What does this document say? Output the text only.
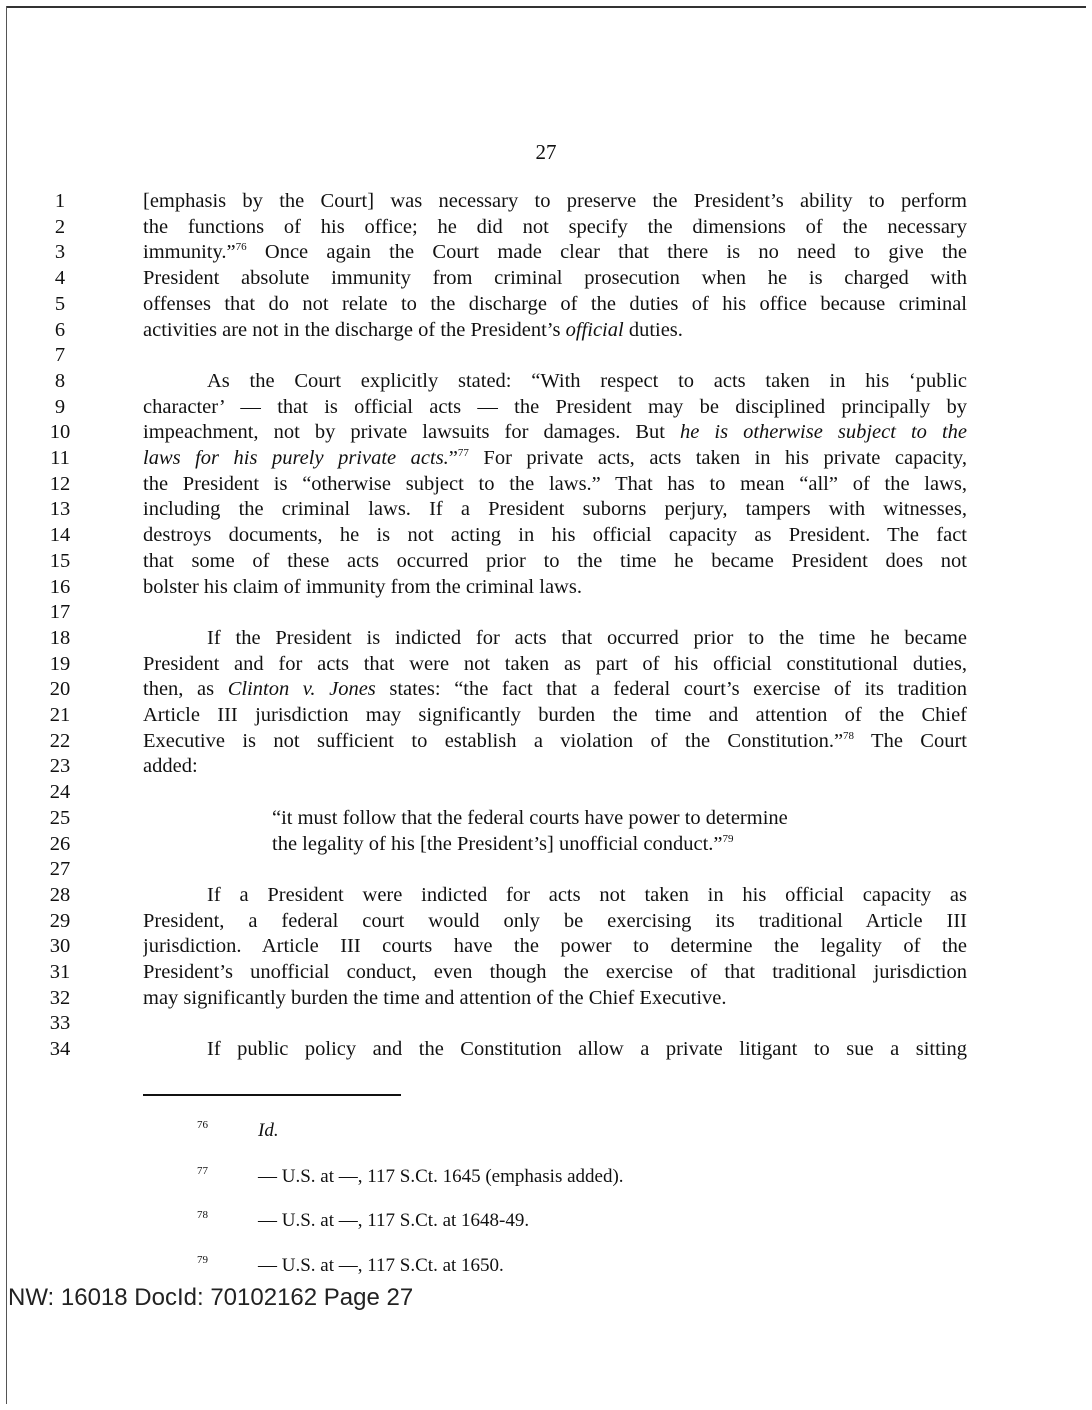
27
1	[emphasis by the Court] was necessary to preserve the President’s ability to perform
2	the functions of his office; he did not specify the dimensions of the necessary
3	immunity.”$^{76}$ Once again the Court made clear that there is no need to give the
4	President absolute immunity from criminal prosecution when he is charged with
5	offenses that do not relate to the discharge of the duties of his office because criminal
6	activities are not in the discharge of the President’s official duties.
7
8	As the Court explicitly stated: “With respect to acts taken in his ‘public
9	character’ — that is official acts — the President may be disciplined principally by
10	impeachment, not by private lawsuits for damages. But he is otherwise subject to the
11	laws for his purely private acts.”$^{77}$ For private acts, acts taken in his private capacity,
12	the President is “otherwise subject to the laws.” That has to mean “all” of the laws,
13	including the criminal laws. If a President suborns perjury, tampers with witnesses,
14	destroys documents, he is not acting in his official capacity as President. The fact
15	that some of these acts occurred prior to the time he became President does not
16	bolster his claim of immunity from the criminal laws.
17
18	If the President is indicted for acts that occurred prior to the time he became
19	President and for acts that were not taken as part of his official constitutional duties,
20	then, as Clinton v. Jones states: “the fact that a federal court’s exercise of its tradition
21	Article III jurisdiction may significantly burden the time and attention of the Chief
22	Executive is not sufficient to establish a violation of the Constitution.”$^{78}$ The Court
23	added:
24
25	“it must follow that the federal courts have power to determine
26	the legality of his [the President’s] unofficial conduct.”$^{79}$
27
28	If a President were indicted for acts not taken in his official capacity as
29	President, a federal court would only be exercising its traditional Article III
30	jurisdiction. Article III courts have the power to determine the legality of the
31	President’s unofficial conduct, even though the exercise of that traditional jurisdiction
32	may significantly burden the time and attention of the Chief Executive.
33
34	If public policy and the Constitution allow a private litigant to sue a sitting
76	Id.
77	— U.S. at —, 117 S.Ct. 1645 (emphasis added).
78	— U.S. at —, 117 S.Ct. at 1648-49.
79	— U.S. at —, 117 S.Ct. at 1650.
NW: 16018 DocId: 70102162 Page 27
